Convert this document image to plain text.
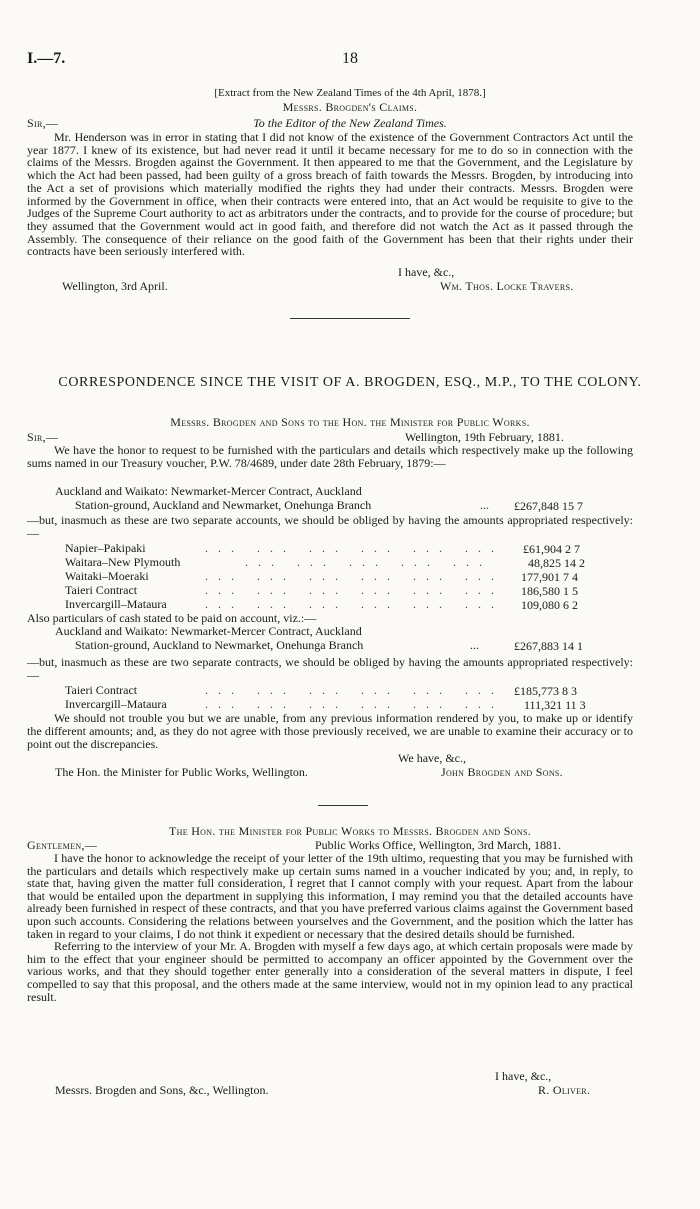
I.—7.	18
[Extract from the New Zealand Times of the 4th April, 1878.]
Messrs. Brogden's Claims.
Sir,—	To the Editor of the New Zealand Times.

Mr. Henderson was in error in stating that I did not know of the existence of the Government Contractors Act until the year 1877. I knew of its existence, but had never read it until it became necessary for me to do so in connection with the claims of the Messrs. Brogden against the Government. It then appeared to me that the Government, and the Legislature by which the Act had been passed, had been guilty of a gross breach of faith towards the Messrs. Brogden, by introducing into the Act a set of provisions which materially modified the rights they had under their contracts. Messrs. Brogden were informed by the Government in office, when their contracts were entered into, that an Act would be requisite to give to the Judges of the Supreme Court authority to act as arbitrators under the contracts, and to provide for the course of procedure; but they assumed that the Government would act in good faith, and therefore did not watch the Act as it passed through the Assembly. The consequence of their reliance on the good faith of the Government has been that their rights under their contracts have been seriously interfered with.

I have, &c.,
Wellington, 3rd April.	Wm. Thos. Locke Travers.
CORRESPONDENCE SINCE THE VISIT OF A. BROGDEN, ESQ., M.P., TO THE COLONY.
Messrs. Brogden and Sons to the Hon. the Minister for Public Works.
Sir,—	Wellington, 19th February, 1881.

We have the honor to request to be furnished with the particulars and details which respectively make up the following sums named in our Treasury voucher, P.W. 78/4689, under date 28th February, 1879:—

Auckland and Waikato: Newmarket-Mercer Contract, Auckland
Station-ground, Auckland and Newmarket, Onehunga Branch	... £267,848 15 7

—but, inasmuch as these are two separate accounts, we should be obliged by having the amounts appropriated respectively:—

Napier–Pakipaki	... ... ... ... ... ... £61,904 2 7
Waitara–New Plymouth	... ... ... ... ...	48,825 14 2
Waitaki–Moeraki	... ... ... ... ... ... 177,901 7 4
Taieri Contract	... ... ... ... ... ... 186,580 1 5
Invercargill–Mataura	... ... ... ... ... ... 109,080 6 2
Also particulars of cash stated to be paid on account, viz.:—
Auckland and Waikato: Newmarket-Mercer Contract, Auckland
Station-ground, Auckland to Newmarket, Onehunga Branch	...	£267,883 14 1

—but, inasmuch as these are two separate contracts, we should be obliged by having the amounts appropriated respectively:—

Taieri Contract	... ... ... ... ... ... £185,773 8 3
Invercargill–Mataura	... ... ... ... ... ... 111,321 11 3

We should not trouble you but we are unable, from any previous information rendered by you, to make up or identify the different amounts; and, as they do not agree with those previously received, we are unable to examine their accuracy or to point out the discrepancies.

We have, &c.,
The Hon. the Minister for Public Works, Wellington.	John Brogden and Sons.
The Hon. the Minister for Public Works to Messrs. Brogden and Sons.
Gentlemen,—	Public Works Office, Wellington, 3rd March, 1881.

I have the honor to acknowledge the receipt of your letter of the 19th ultimo, requesting that you may be furnished with the particulars and details which respectively make up certain sums named in a voucher indicated by you; and, in reply, to state that, having given the matter full consideration, I regret that I cannot comply with your request. Apart from the labour that would be entailed upon the department in supplying this information, I may remind you that the detailed accounts have already been furnished in respect of these contracts, and that you have preferred various claims against the Government based upon such accounts. Considering the relations between yourselves and the Government, and the position which the latter has taken in regard to your claims, I do not think it expedient or necessary that the desired details should be furnished.

Referring to the interview of your Mr. A. Brogden with myself a few days ago, at which certain proposals were made by him to the effect that your engineer should be permitted to accompany an officer appointed by the Government over the various works, and that they should together enter generally into a consideration of the several matters in dispute, I feel compelled to say that this proposal, and the others made at the same interview, would not in my opinion lead to any practical result.

I have, &c.,
Messrs. Brogden and Sons, &c., Wellington.	R. Oliver.
